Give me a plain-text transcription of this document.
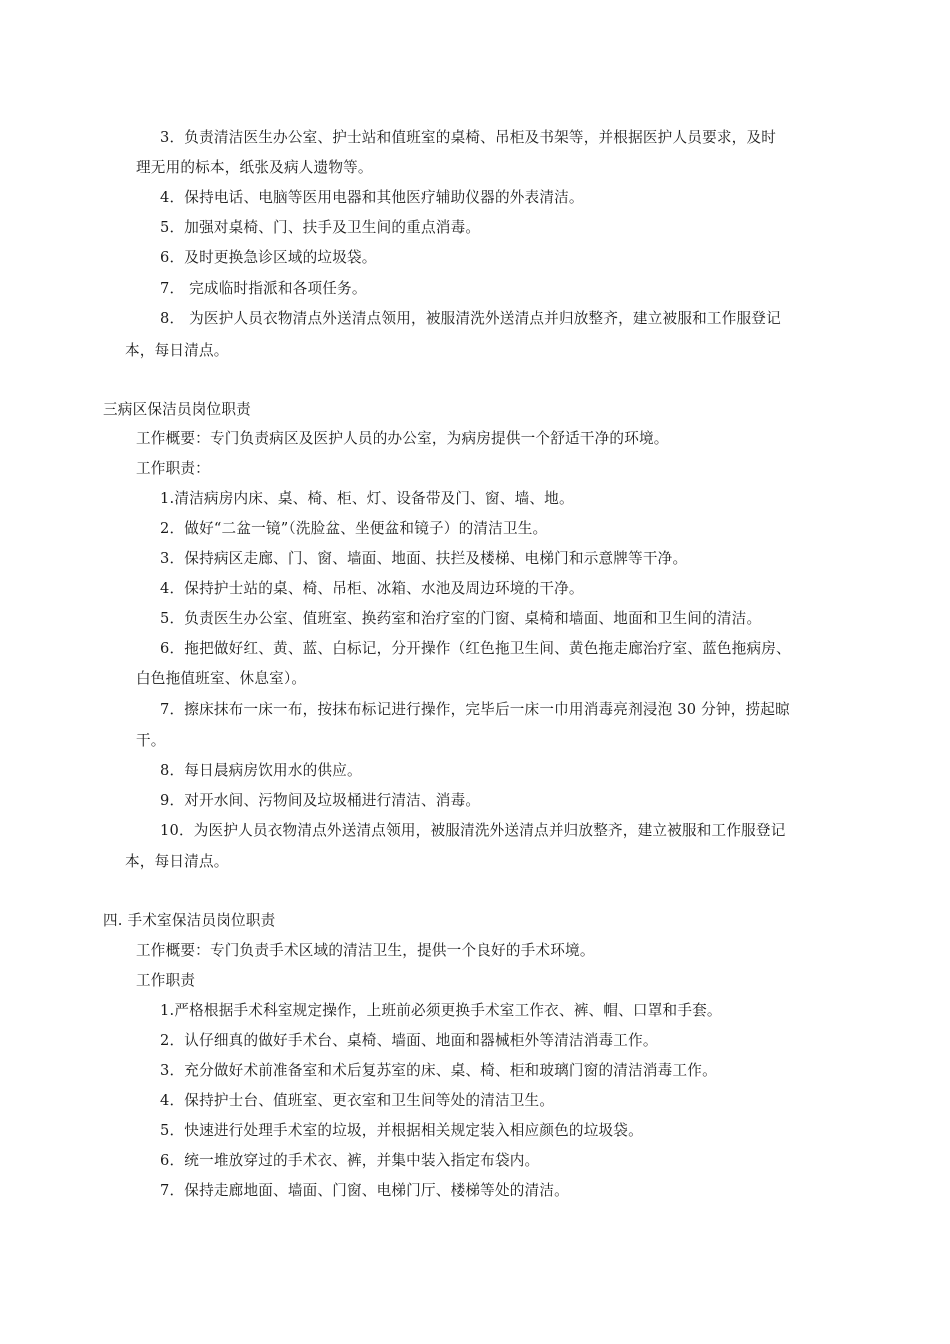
3．负责清洁医生办公室、护士站和值班室的桌椅、吊柜及书架等，并根据医护人员要求，及时
理无用的标本，纸张及病人遗物等。
4．保持电话、电脑等医用电器和其他医疗辅助仪器的外表清洁。
5．加强对桌椅、门、扶手及卫生间的重点消毒。
6．及时更换急诊区域的垃圾袋。
7． 完成临时指派和各项任务。
8． 为医护人员衣物清点外送清点领用，被服清洗外送清点并归放整齐，建立被服和工作服登记
本，每日清点。
三病区保洁员岗位职责
工作概要：专门负责病区及医护人员的办公室，为病房提供一个舒适干净的环境。
工作职责：
1.清洁病房内床、桌、椅、柜、灯、设备带及门、窗、墙、地。
2．做好“二盆一镜”（洗脸盆、坐便盆和镜子）的清洁卫生。
3．保持病区走廊、门、窗、墙面、地面、扶拦及楼梯、电梯门和示意牌等干净。
4．保持护士站的桌、椅、吊柜、冰箱、水池及周边环境的干净。
5．负责医生办公室、值班室、换药室和治疗室的门窗、桌椅和墙面、地面和卫生间的清洁。
6．拖把做好红、黄、蓝、白标记，分开操作（红色拖卫生间、黄色拖走廊治疗室、蓝色拖病房、
白色拖值班室、休息室）。
7．擦床抹布一床一布，按抹布标记进行操作，完毕后一床一巾用消毒亮剂浸泡 30 分钟，捞起晾
干。
8．每日晨病房饮用水的供应。
9．对开水间、污物间及垃圾桶进行清洁、消毒。
10．为医护人员衣物清点外送清点领用，被服清洗外送清点并归放整齐，建立被服和工作服登记
本，每日清点。
四. 手术室保洁员岗位职责
工作概要：专门负责手术区域的清洁卫生，提供一个良好的手术环境。
工作职责
1.严格根据手术科室规定操作，上班前必须更换手术室工作衣、裤、帽、口罩和手套。
2．认仔细真的做好手术台、桌椅、墙面、地面和器械柜外等清洁消毒工作。
3．充分做好术前准备室和术后复苏室的床、桌、椅、柜和玻璃门窗的清洁消毒工作。
4．保持护士台、值班室、更衣室和卫生间等处的清洁卫生。
5．快速进行处理手术室的垃圾，并根据相关规定装入相应颜色的垃圾袋。
6．统一堆放穿过的手术衣、裤，并集中装入指定布袋内。
7．保持走廊地面、墙面、门窗、电梯门厅、楼梯等处的清洁。
